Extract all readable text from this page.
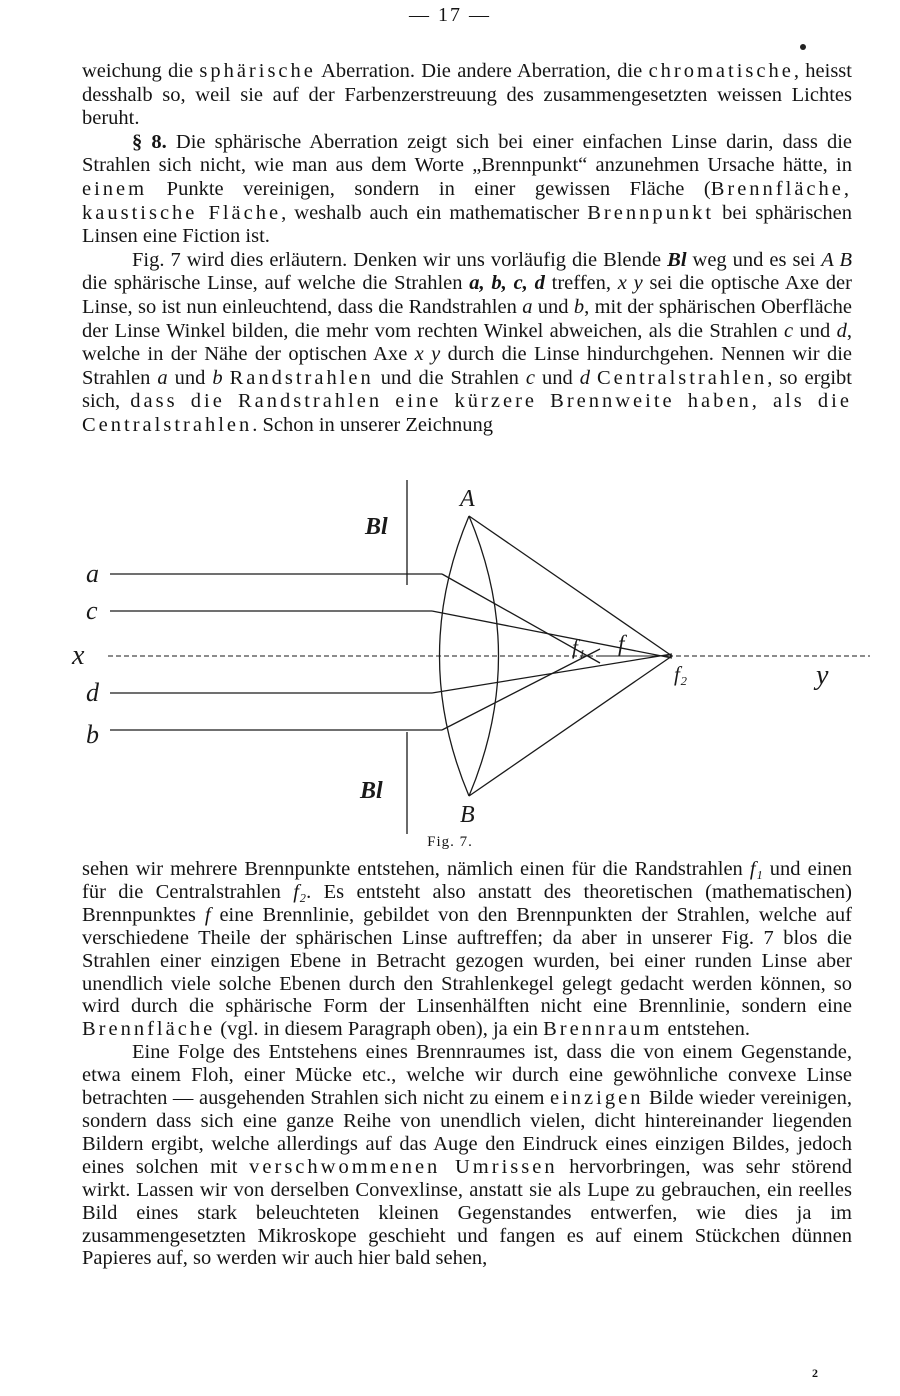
— 17 —

weichung die sphärische Aberration. Die andere Aberration, die chromatische, heisst desshalb so, weil sie auf der Farbenzerstreuung des zusammengesetzten weissen Lichtes beruht.

§ 8. Die sphärische Aberration zeigt sich bei einer einfachen Linse darin, dass die Strahlen sich nicht, wie man aus dem Worte „Brennpunkt“ anzunehmen Ursache hätte, in einem Punkte vereinigen, sondern in einer gewissen Fläche (Brennfläche, kaustische Fläche, weshalb auch ein mathematischer Brennpunkt bei sphärischen Linsen eine Fiction ist.

Fig. 7 wird dies erläutern. Denken wir uns vorläufig die Blende Bl weg und es sei A B die sphärische Linse, auf welche die Strahlen a, b, c, d treffen, x y sei die optische Axe der Linse, so ist nun einleuchtend, dass die Randstrahlen a und b, mit der sphärischen Oberfläche der Linse Winkel bilden, die mehr vom rechten Winkel abweichen, als die Strahlen c und d, welche in der Nähe der optischen Axe x y durch die Linse hindurchgehen. Nennen wir die Strahlen a und b Randstrahlen und die Strahlen c und d Centralstrahlen, so ergibt sich, dass die Randstrahlen eine kürzere Brennweite haben, als die Centralstrahlen. Schon in unserer Zeichnung

A
B
Bl
Bl
a
c
x
d
b
y
f₁ f
f₂
Fig. 7.

sehen wir mehrere Brennpunkte entstehen, nämlich einen für die Randstrahlen f₁ und einen für die Centralstrahlen f₂. Es entsteht also anstatt des theoretischen (mathematischen) Brennpunktes f eine Brennlinie, gebildet von den Brennpunkten der Strahlen, welche auf verschiedene Theile der sphärischen Linse auftreffen; da aber in unserer Fig. 7 blos die Strahlen einer einzigen Ebene in Betracht gezogen wurden, bei einer runden Linse aber unendlich viele solche Ebenen durch den Strahlenkegel gelegt gedacht werden können, so wird durch die sphärische Form der Linsenhälften nicht eine Brennlinie, sondern eine Brennfläche (vgl. in diesem Paragraph oben), ja ein Brennraum entstehen.

Eine Folge des Entstehens eines Brennraumes ist, dass die von einem Gegenstande, etwa einem Floh, einer Mücke etc., welche wir durch eine gewöhnliche convexe Linse betrachten — ausgehenden Strahlen sich nicht zu einem einzigen Bilde wieder vereinigen, sondern dass sich eine ganze Reihe von unendlich vielen, dicht hintereinander liegenden Bildern ergibt, welche allerdings auf das Auge den Eindruck eines einzigen Bildes, jedoch eines solchen mit verschwommenen Umrissen hervorbringen, was sehr störend wirkt. Lassen wir von derselben Convexlinse, anstatt sie als Lupe zu gebrauchen, ein reelles Bild eines stark beleuchteten kleinen Gegenstandes entwerfen, wie dies ja im zusammengesetzten Mikroskope geschieht und fangen es auf einem Stückchen dünnen Papieres auf, so werden wir auch hier bald sehen,

2
